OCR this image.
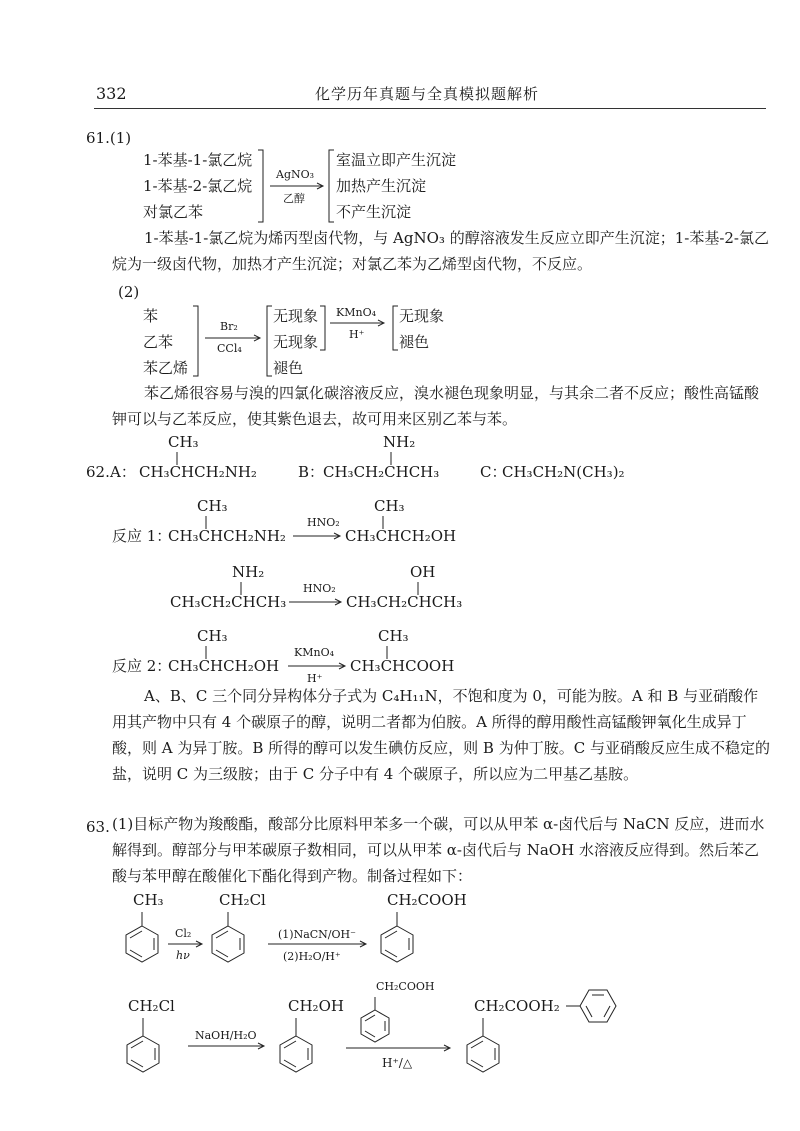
332	化学历年真题与全真模拟题解析
61.(1)
1-苯基-1-氯乙烷
1-苯基-2-氯乙烷
对氯乙苯
AgNO₃
乙醇
室温立即产生沉淀
加热产生沉淀
不产生沉淀
1-苯基-1-氯乙烷为烯丙型卤代物，与 AgNO₃ 的醇溶液发生反应立即产生沉淀；1-苯基-2-氯乙烷为一级卤代物，加热才产生沉淀；对氯乙苯为乙烯型卤代物，不反应。
(2)
苯
乙苯
苯乙烯
Br₂
CCl₄
无现象
无现象
褪色
KMnO₄
H⁺
无现象
褪色
苯乙烯很容易与溴的四氯化碳溶液反应，溴水褪色现象明显，与其余二者不反应；酸性高锰酸钾可以与乙苯反应，使其紫色退去，故可用来区别乙苯与苯。
62. A： CH₃CHCH₂NH₂
CH₃
B：
CH₃CH₂CHCH₃
NH₂
C：
CH₃CH₂N(CH₃)₂
反应 1：
CH₃CHCH₂NH₂
CH₃
HNO₂
CH₃CHCH₂OH
CH₃
CH₃CH₂CHCH₃
NH₂
HNO₂
CH₃CH₂CHCH₃
OH
反应 2：
CH₃CHCH₂OH
CH₃
KMnO₄
H⁺
CH₃CHCOOH
CH₃
A、B、C 三个同分异构体分子式为 C₄H₁₁N，不饱和度为 0，可能为胺。A 和 B 与亚硝酸作用其产物中只有 4 个碳原子的醇，说明二者都为伯胺。A 所得的醇用酸性高锰酸钾氧化生成异丁酸，则 A 为异丁胺。B 所得的醇可以发生碘仿反应，则 B 为仲丁胺。C 与亚硝酸反应生成不稳定的盐，说明 C 为三级胺；由于 C 分子中有 4 个碳原子，所以应为二甲基乙基胺。
63. (1)目标产物为羧酸酯，酸部分比原料甲苯多一个碳，可以从甲苯 α-卤代后与 NaCN 反应，进而水解得到。醇部分与甲苯碳原子数相同，可以从甲苯 α-卤代后与 NaOH 水溶液反应得到。然后苯乙酸与苯甲醇在酸催化下酯化得到产物。制备过程如下：
CH₃
Cl₂
hν
CH₂Cl
(1)NaCN/OH⁻
(2)H₂O/H⁺
CH₂COOH
CH₂Cl
NaOH/H₂O
CH₂OH
CH₂COOH
H⁺/△
CH₂COOH₂
